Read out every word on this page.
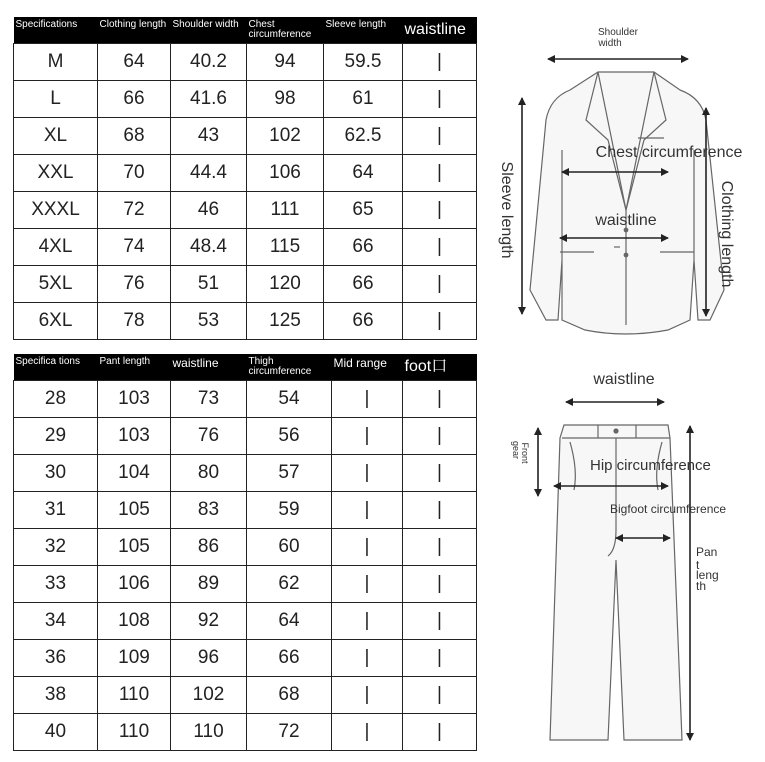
Specifications	Clothing length	Shoulder width	Chest circumference	Sleeve length	waistline
M	64	40.2	94	59.5	|
L	66	41.6	98	61	|
XL	68	43	102	62.5	|
XXL	70	44.4	106	64	|
XXXL	72	46	111	65	|
4XL	74	48.4	115	66	|
5XL	76	51	120	66	|
6XL	78	53	125	66	|
Specifica tions	Pant length	waistline	Thigh circumference	Mid range	foot口
28	103	73	54	|	|
29	103	76	56	|	|
30	104	80	57	|	|
31	105	83	59	|	|
32	105	86	60	|	|
33	106	89	62	|	|
34	108	92	64	|	|
36	109	96	66	|	|
38	110	102	68	|	|
40	110	110	72	|	|
Shoulder
width
Chest circumference
waistline
Sleeve length	Clothing length
waistline
Front
gear
Hip circumference
Bigfoot circumference
Pan
t
leng
th
